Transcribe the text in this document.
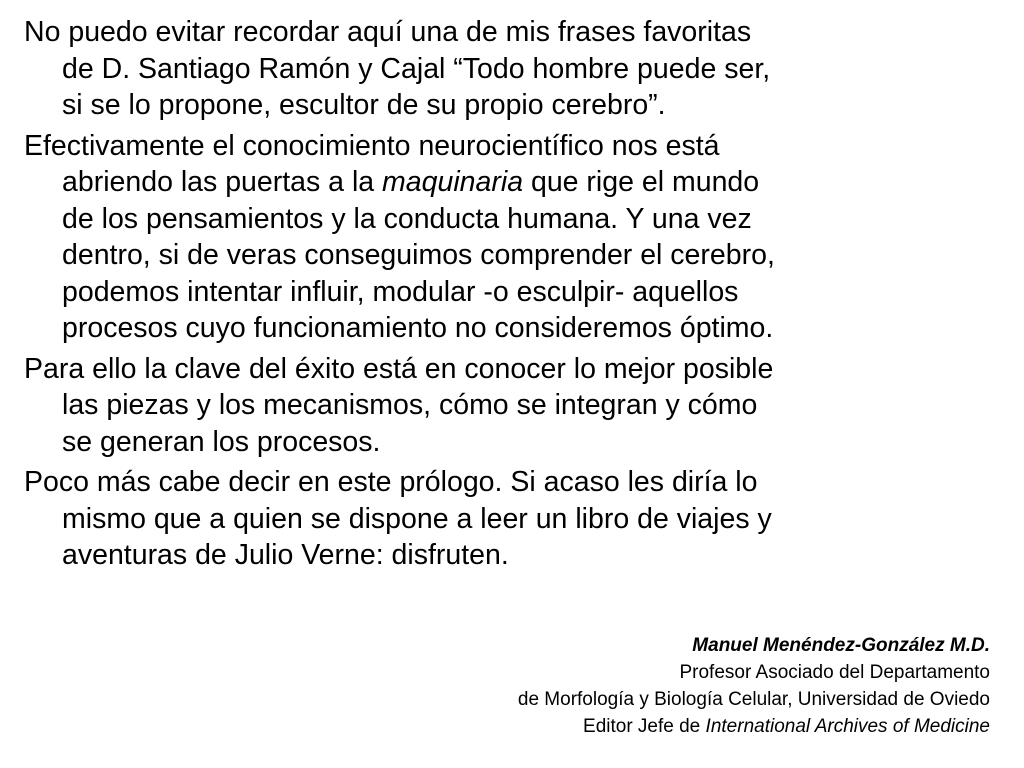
No puedo evitar recordar aquí una de mis frases favoritas
de D. Santiago Ramón y Cajal “Todo hombre puede ser,
si se lo propone, escultor de su propio cerebro”.

Efectivamente el conocimiento neurocientífico nos está
abriendo las puertas a la maquinaria que rige el mundo
de los pensamientos y la conducta humana. Y una vez
dentro, si de veras conseguimos comprender el cerebro,
podemos intentar influir, modular -o esculpir- aquellos
procesos cuyo funcionamiento no consideremos óptimo.

Para ello la clave del éxito está en conocer lo mejor posible
las piezas y los mecanismos, cómo se integran y cómo
se generan los procesos.

Poco más cabe decir en este prólogo. Si acaso les diría lo
mismo que a quien se dispone a leer un libro de viajes y
aventuras de Julio Verne: disfruten.

Manuel Menéndez-González M.D.
Profesor Asociado del Departamento
de Morfología y Biología Celular, Universidad de Oviedo
Editor Jefe de International Archives of Medicine
